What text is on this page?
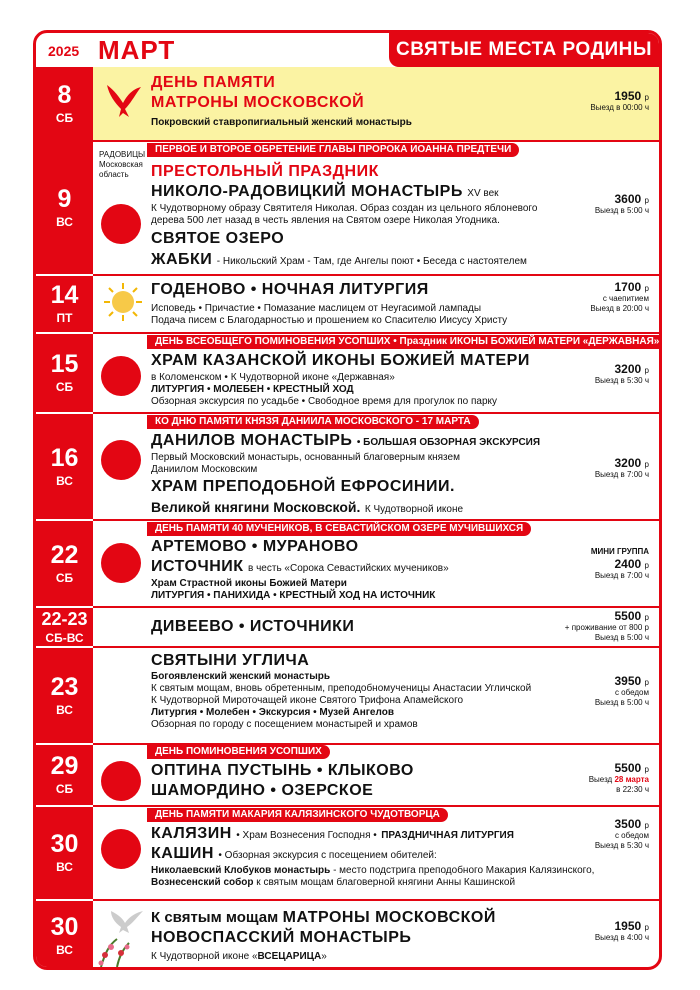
2025 МАРТ	СВЯТЫЕ МЕСТА РОДИНЫ
ДЕНЬ ПАМЯТИ
МАТРОНЫ МОСКОВСКОЙ
Покровский ставропигиальный женский монастырь
1950 р
Выезд в 00:00 ч
8
СБ
РАДОВИЦЫ
Московская
область
ПЕРВОЕ И ВТОРОЕ ОБРЕТЕНИЕ ГЛАВЫ ПРОРОКА ИОАННА ПРЕДТЕЧИ
ПРЕСТОЛЬНЫЙ ПРАЗДНИК
НИКОЛО-РАДОВИЦКИЙ МОНАСТЫРЬ XV век
К Чудотворному образу Святителя Николая. Образ создан из цельного яблоневого
дерева 500 лет назад в честь явления на Святом озере Николая Угодника.
СВЯТОЕ ОЗЕРО
ЖАБКИ - Никольский Храм - Там, где Ангелы поют • Беседа с настоятелем
3600 р
Выезд в 5:00 ч
9
ВС
ГОДЕНОВО • НОЧНАЯ ЛИТУРГИЯ
Исповедь • Причастие • Помазание маслицем от Неугасимой лампады
Подача писем с Благодарностью и прошением ко Спасителю Иисусу Христу
1700 р
с чаепитием
Выезд в 20:00 ч
14
ПТ
ДЕНЬ ВСЕОБЩЕГО ПОМИНОВЕНИЯ УСОПШИХ • Праздник ИКОНЫ БОЖИЕЙ МАТЕРИ «ДЕРЖАВНАЯ»
ХРАМ КАЗАНСКОЙ ИКОНЫ БОЖИЕЙ МАТЕРИ
в Коломенском • К Чудотворной иконе «Державная»
ЛИТУРГИЯ • МОЛЕБЕН • КРЕСТНЫЙ ХОД
Обзорная экскурсия по усадьбе • Свободное время для прогулок по парку
3200 р
Выезд в 5:30 ч
15
СБ
КО ДНЮ ПАМЯТИ КНЯЗЯ ДАНИИЛА МОСКОВСКОГО - 17 МАРТА
ДАНИЛОВ МОНАСТЫРЬ • БОЛЬШАЯ ОБЗОРНАЯ ЭКСКУРСИЯ
Первый Московский монастырь, основанный благоверным князем
Даниилом Московским
ХРАМ ПРЕПОДОБНОЙ ЕФРОСИНИИ.
Великой княгини Московской. К Чудотворной иконе
3200 р
Выезд в 7:00 ч
16
ВС
ДЕНЬ ПАМЯТИ 40 МУЧЕНИКОВ, В СЕВАСТИЙСКОМ ОЗЕРЕ МУЧИВШИХСЯ
АРТЕМОВО • МУРАНОВО
ИСТОЧНИК в честь «Сорока Севастийских мучеников»
Храм Страстной иконы Божией Матери
ЛИТУРГИЯ • ПАНИХИДА • КРЕСТНЫЙ ХОД НА ИСТОЧНИК
МИНИ ГРУППА
2400 р
Выезд в 7:00 ч
22
СБ
ДИВЕЕВО • ИСТОЧНИКИ
5500 р
+ проживание от 800 р
Выезд в 5:00 ч
22-23
СБ-ВС
СВЯТЫНИ УГЛИЧА
Богоявленский женский монастырь
К святым мощам, вновь обретенным, преподобномученицы Анастасии Угличской
К Чудотворной Мироточащей иконе Святого Трифона Апамейского
Литургия • Молебен • Экскурсия • Музей Ангелов
Обзорная по городу с посещением монастырей и храмов
3950 р
с обедом
Выезд в 5:00 ч
23
ВС
ДЕНЬ ПОМИНОВЕНИЯ УСОПШИХ
ОПТИНА ПУСТЫНЬ • КЛЫКОВО
ШАМОРДИНО • ОЗЕРСКОЕ
5500 р
Выезд 28 марта
в 22:30 ч
29
СБ
ДЕНЬ ПАМЯТИ МАКАРИЯ КАЛЯЗИНСКОГО ЧУДОТВОРЦА
КАЛЯЗИН • Храм Вознесения Господня • ПРАЗДНИЧНАЯ ЛИТУРГИЯ
КАШИН • Обзорная экскурсия с посещением обителей:
Николаевский Клобуков монастырь - место подстрига преподобного Макария Калязинского,
Вознесенский собор к святым мощам благоверной княгини Анны Кашинской
3500 р
с обедом
Выезд в 5:30 ч
30
ВС
К святым мощам МАТРОНЫ МОСКОВСКОЙ
НОВОСПАССКИЙ МОНАСТЫРЬ
К Чудотворной иконе «ВСЕЦАРИЦА»
1950 р
Выезд в 4:00 ч
30
ВС
